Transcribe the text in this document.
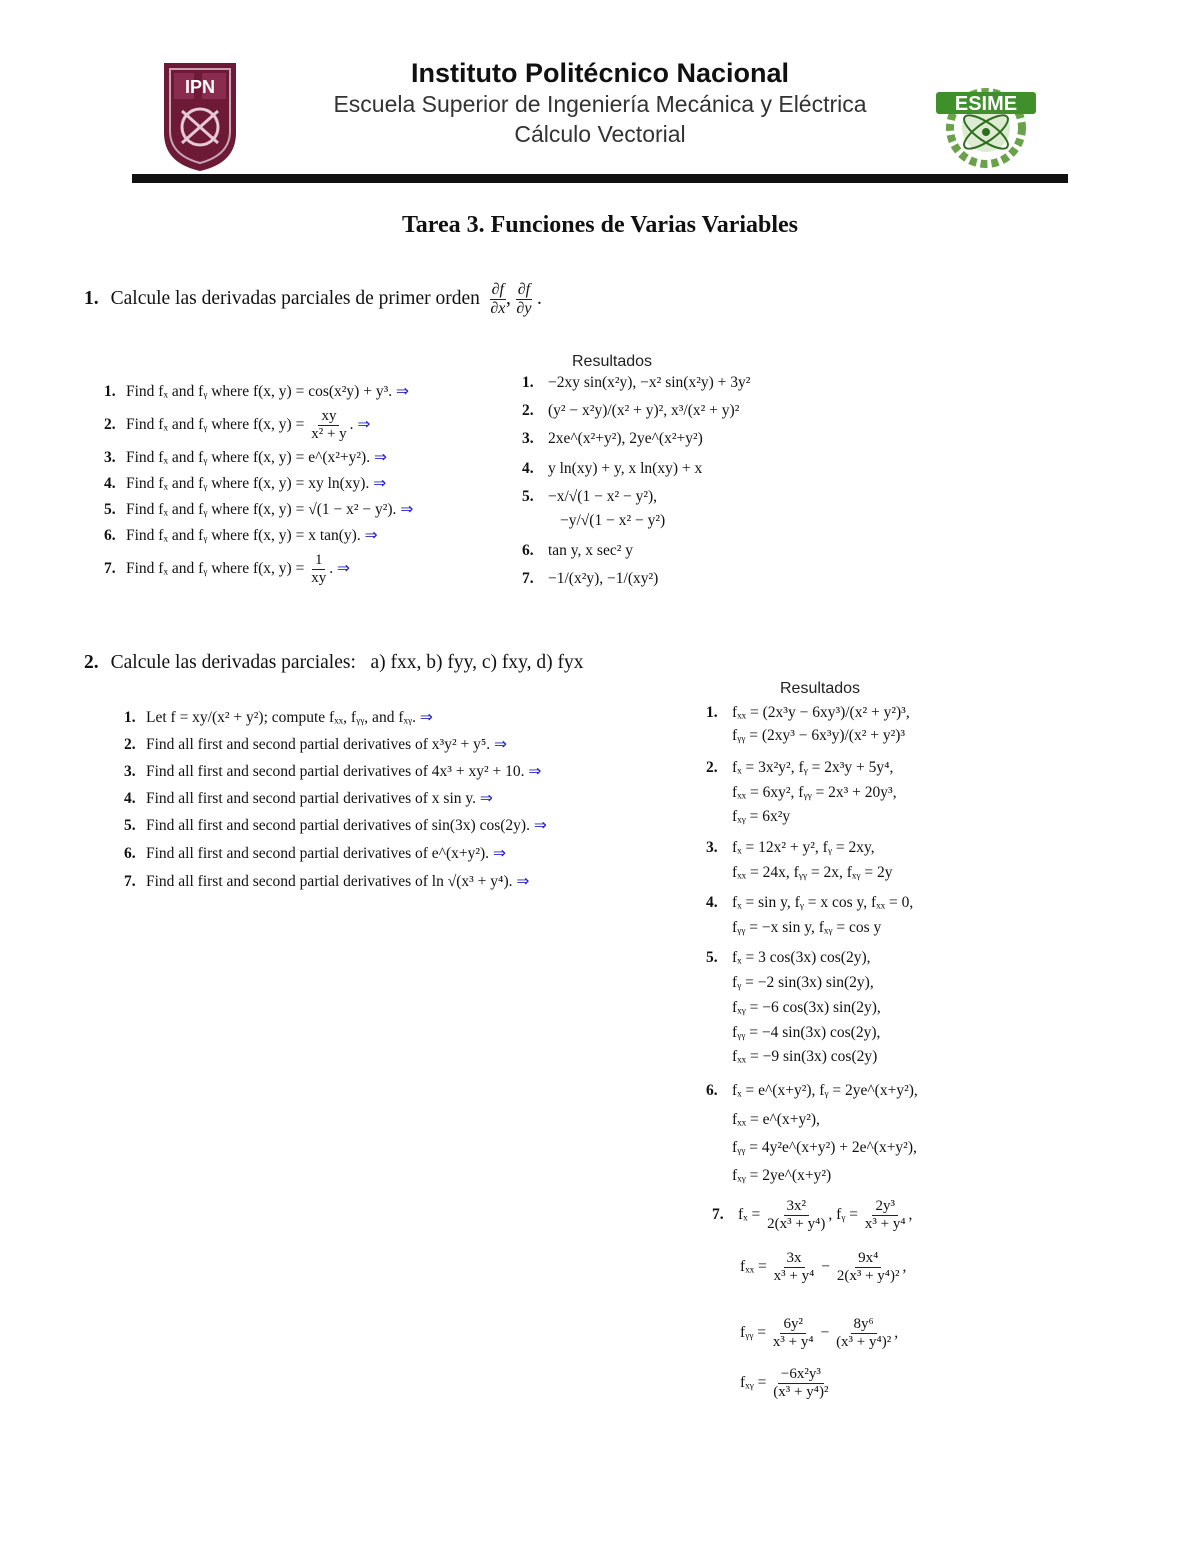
IPN	Instituto Politécnico Nacional
Escuela Superior de Ingeniería Mecánica y Eléctrica
Cálculo Vectorial
ESIME
Tarea 3. Funciones de Varias Variables
1. Calcule las derivadas parciales de primer orden $\frac{\partial f}{\partial x}$ , $\frac{\partial f}{\partial y}$ .
Resultados
1. Find fₓ and fᵧ where f(x, y) = cos(x²y) + y³. ⇒
2. Find fₓ and fᵧ where f(x, $y) = \frac{xy}{\text{x² + y}}$ . ⇒
3. Find fₓ and fᵧ where f(x, y) = e^(x²+y²). ⇒
4. Find fₓ and fᵧ where f(x, y) = xy ln(xy). ⇒
5. Find fₓ and fᵧ where f(x, y) = √(1 − x² − y²). ⇒
6. Find fₓ and fᵧ where f(x, y) = x tan(y). ⇒
7. Find fₓ and fᵧ where f(x, $y) = \frac{1}{xy}$ . ⇒
1. −2xy sin(x²y), −x² sin(x²y) + 3y²
2. (y² − x²y)/(x² + y)², x³/(x² + y)²
3. 2xe^(x²+y²), 2ye^(x²+y²)
4. y ln(xy) + y, x ln(xy) + x
5. −x/√(1 − x² − y²),
−y/√(1 − x² − y²)
6. tan y, x sec² y
7. −1/(x²y), −1/(xy²)
2. Calcule las derivadas parciales: a) fxx, b) fyy, c) fxy, d) fyx
Resultados
1. Let f = xy/(x² + y²); compute fₓₓ, fᵧᵧ, and fₓᵧ. ⇒
2. Find all first and second partial derivatives of x³y² + y⁵. ⇒
3. Find all first and second partial derivatives of 4x³ + xy² + 10. ⇒
4. Find all first and second partial derivatives of x sin y. ⇒
5. Find all first and second partial derivatives of sin(3x) cos(2y). ⇒
6. Find all first and second partial derivatives of e^(x+y²). ⇒
7. Find all first and second partial derivatives of ln √(x³ + y⁴). ⇒
1. fₓₓ = (2x³y − 6xy³)/(x² + y²)³,
fᵧᵧ = (2xy³ − 6x³y)/(x² + y²)³
2. fₓ = 3x²y², fᵧ = 2x³y + 5y⁴,
fₓₓ = 6xy², fᵧᵧ = 2x³ + 20y³,
fₓᵧ = 6x²y
3. fₓ = 12x² + y², fᵧ = 2xy,
fₓₓ = 24x, fᵧᵧ = 2x, fₓᵧ = 2y
4. fₓ = sin y, fᵧ = x cos y, fₓₓ = 0,
fᵧᵧ = −x sin y, fₓᵧ = cos y
5. fₓ = 3 cos(3x) cos(2y),
fᵧ = −2 sin(3x) sin(2y),
fₓᵧ = −6 cos(3x) sin(2y),
fᵧᵧ = −4 sin(3x) cos(2y),
fₓₓ = −9 sin(3x) cos(2y)
6. fₓ = e^(x+y²), fᵧ = 2ye^(x+y²),
fₓₓ = e^(x+y²),
fᵧᵧ = 4y²e^(x+y²) + 2e^(x+y²),
fₓᵧ = 2ye^(x+y²)
7. $f_x = \frac{\text{3x²}}{\text{2(x³ + y⁴)}}$ , fᵧ = $\frac{\text{2y³}}{\text{x³ + y⁴}}$ ,
$f_{xx} = \frac{3x}{\text{x³ + y⁴}} - \frac{\text{9x⁴}}{\text{2(x³ + y⁴)²}}$ ,
fᵧᵧ = $\frac{\text{6y²}}{\text{x³ + y⁴}} - \frac{\text{8y⁶}}{\text{(x³ + y⁴)²}}$ ,
fₓᵧ = $\frac{\text{−6x²y³}}{\text{(x³ + y⁴)²}}$
